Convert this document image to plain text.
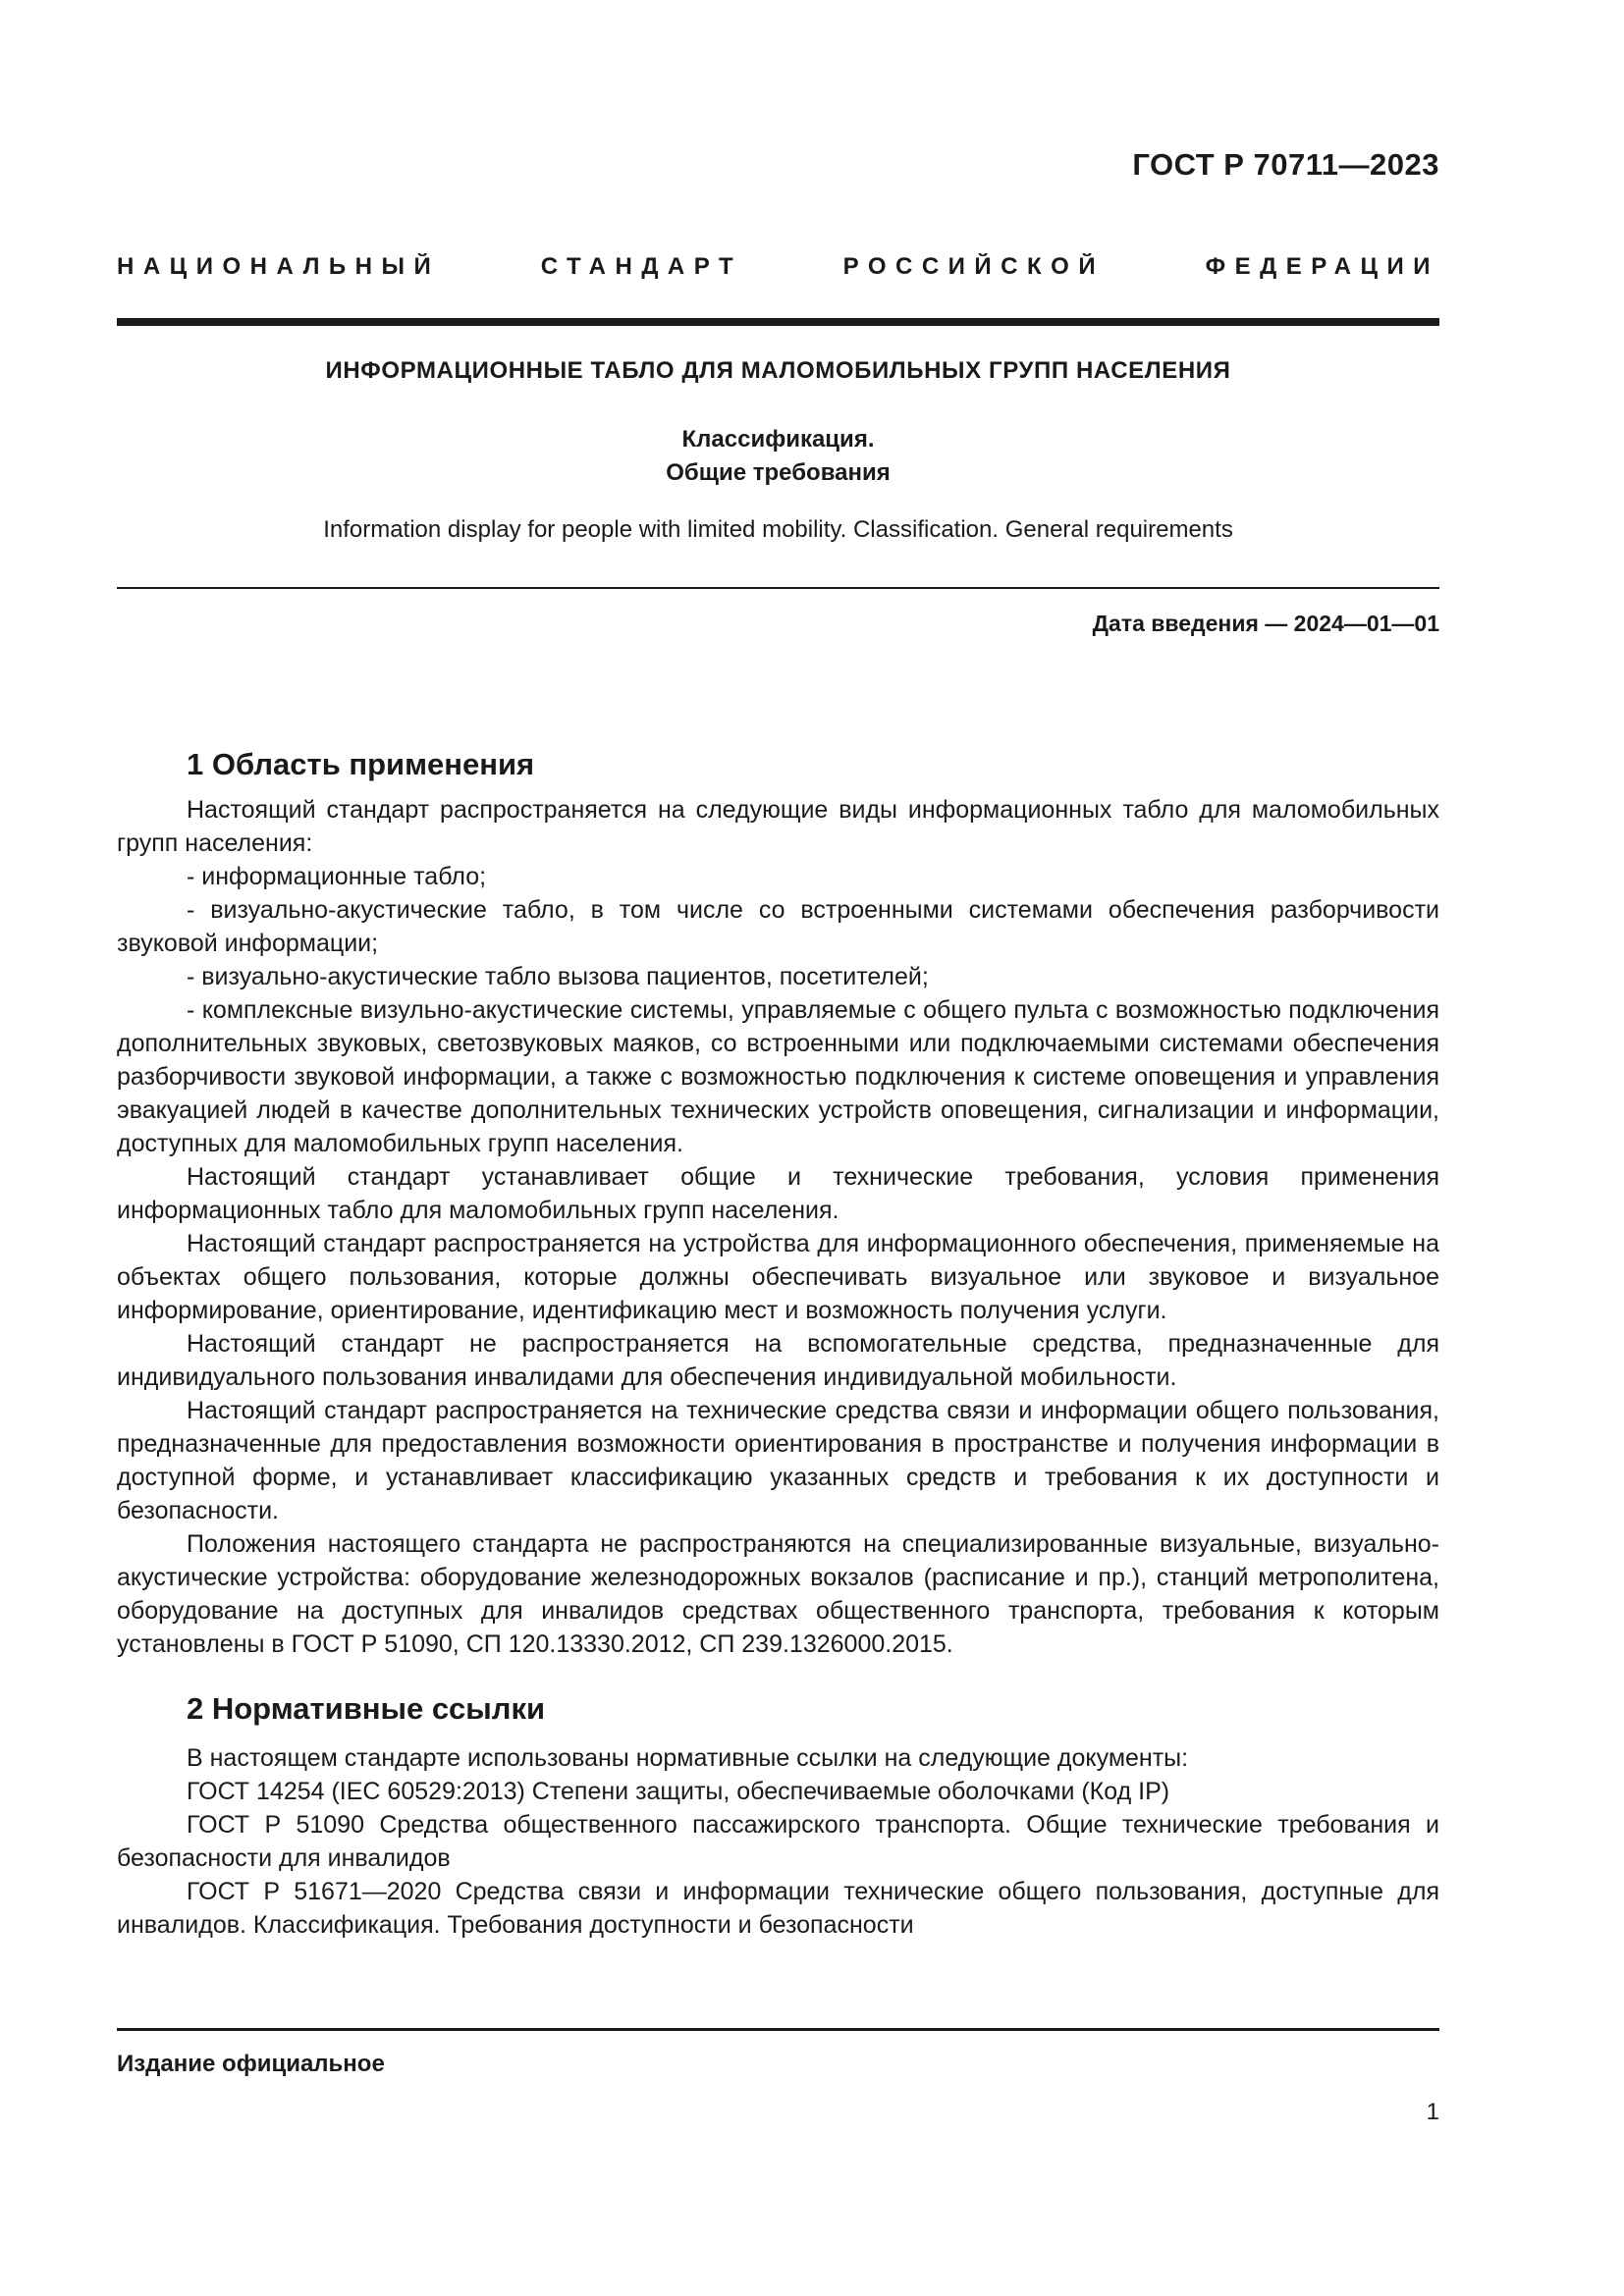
ГОСТ Р 70711—2023
НАЦИОНАЛЬНЫЙ СТАНДАРТ РОССИЙСКОЙ ФЕДЕРАЦИИ
ИНФОРМАЦИОННЫЕ ТАБЛО ДЛЯ МАЛОМОБИЛЬНЫХ ГРУПП НАСЕЛЕНИЯ
Классификация.
Общие требования
Information display for people with limited mobility. Classification. General requirements
Дата введения — 2024—01—01
1 Область применения

Настоящий стандарт распространяется на следующие виды информационных табло для маломобильных групп населения:

- информационные табло;

- визуально-акустические табло, в том числе со встроенными системами обеспечения разборчивости звуковой информации;

- визуально-акустические табло вызова пациентов, посетителей;

- комплексные визульно-акустические системы, управляемые с общего пульта с возможностью подключения дополнительных звуковых, светозвуковых маяков, со встроенными или подключаемыми системами обеспечения разборчивости звуковой информации, а также с возможностью подключения к системе оповещения и управления эвакуацией людей в качестве дополнительных технических устройств оповещения, сигнализации и информации, доступных для маломобильных групп населения.

Настоящий стандарт устанавливает общие и технические требования, условия применения информационных табло для маломобильных групп населения.

Настоящий стандарт распространяется на устройства для информационного обеспечения, применяемые на объектах общего пользования, которые должны обеспечивать визуальное или звуковое и визуальное информирование, ориентирование, идентификацию мест и возможность получения услуги.

Настоящий стандарт не распространяется на вспомогательные средства, предназначенные для индивидуального пользования инвалидами для обеспечения индивидуальной мобильности.

Настоящий стандарт распространяется на технические средства связи и информации общего пользования, предназначенные для предоставления возможности ориентирования в пространстве и получения информации в доступной форме, и устанавливает классификацию указанных средств и требования к их доступности и безопасности.

Положения настоящего стандарта не распространяются на специализированные визуальные, визуально-акустические устройства: оборудование железнодорожных вокзалов (расписание и пр.), станций метрополитена, оборудование на доступных для инвалидов средствах общественного транспорта, требования к которым установлены в ГОСТ Р 51090, СП 120.13330.2012, СП 239.1326000.2015.

2 Нормативные ссылки

В настоящем стандарте использованы нормативные ссылки на следующие документы:

ГОСТ 14254 (IEC 60529:2013) Степени защиты, обеспечиваемые оболочками (Код IP)

ГОСТ Р 51090 Средства общественного пассажирского транспорта. Общие технические требования и безопасности для инвалидов

ГОСТ Р 51671—2020 Средства связи и информации технические общего пользования, доступные для инвалидов. Классификация. Требования доступности и безопасности

Издание официальное
1
